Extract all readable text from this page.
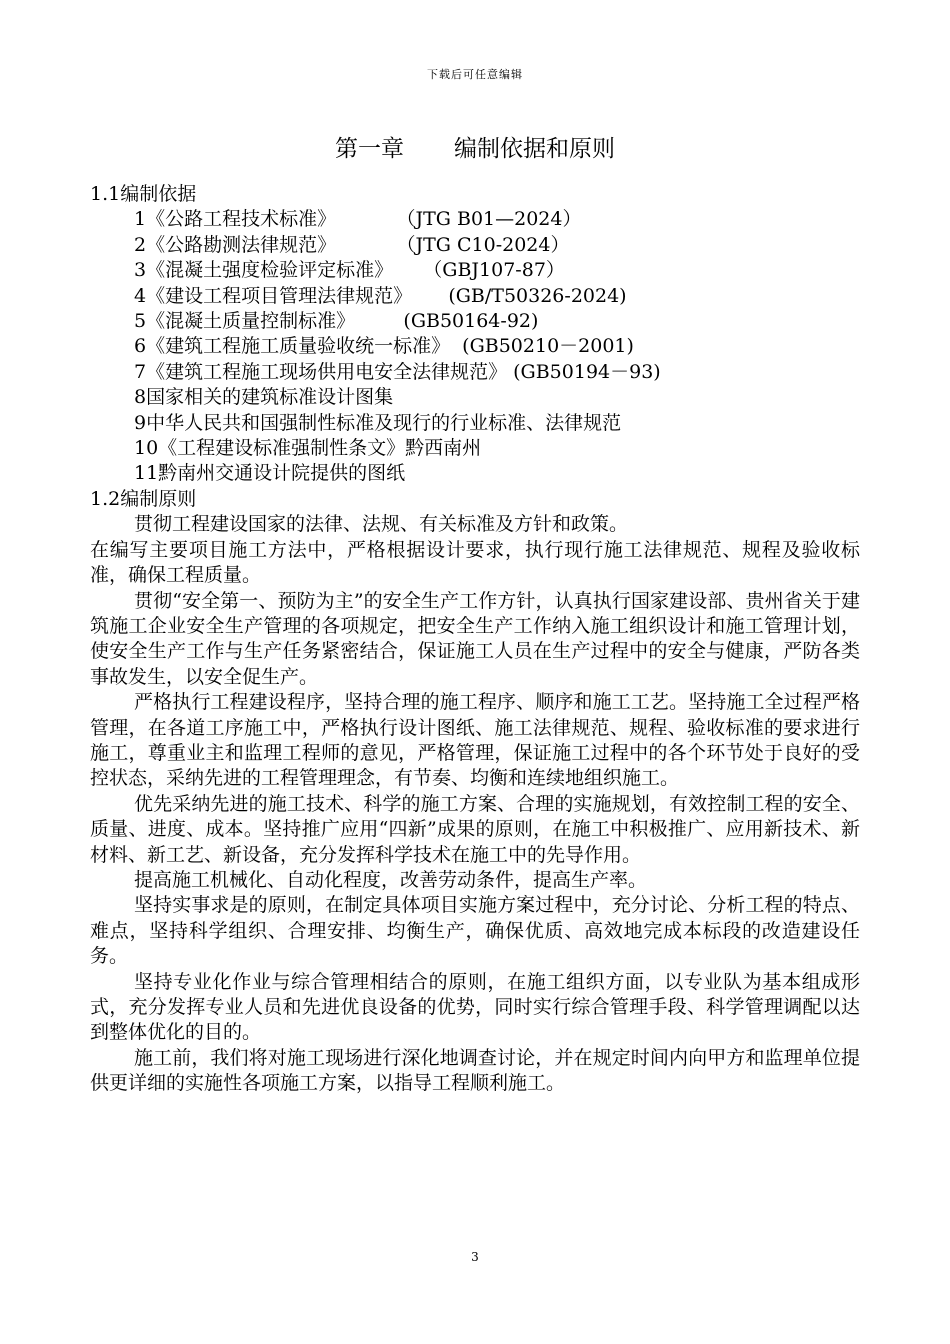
下载后可任意编辑
第一章 编制依据和原则

1.1编制依据

1《公路工程技术标准》          （JTG B01—2024）

2《公路勘测法律规范》          （JTG C10-2024）

3《混凝土强度检验评定标准》     （GBJ107-87）

4《建设工程项目管理法律规范》      (GB/T50326-2024)

5《混凝土质量控制标准》        (GB50164-92)

6《建筑工程施工质量验收统一标准》  (GB50210－2001)

7《建筑工程施工现场供用电安全法律规范》 (GB50194－93)

8国家相关的建筑标准设计图集

9中华人民共和国强制性标准及现行的行业标准、法律规范

10《工程建设标准强制性条文》黔西南州

11黔南州交通设计院提供的图纸

1.2编制原则

贯彻工程建设国家的法律、法规、有关标准及方针和政策。

在编写主要项目施工方法中，严格根据设计要求，执行现行施工法律规范、规程及验收标准，确保工程质量。

贯彻“安全第一、预防为主”的安全生产工作方针，认真执行国家建设部、贵州省关于建筑施工企业安全生产管理的各项规定，把安全生产工作纳入施工组织设计和施工管理计划，使安全生产工作与生产任务紧密结合，保证施工人员在生产过程中的安全与健康，严防各类事故发生，以安全促生产。

严格执行工程建设程序，坚持合理的施工程序、顺序和施工工艺。坚持施工全过程严格管理，在各道工序施工中，严格执行设计图纸、施工法律规范、规程、验收标准的要求进行施工，尊重业主和监理工程师的意见，严格管理，保证施工过程中的各个环节处于良好的受控状态，采纳先进的工程管理理念，有节奏、均衡和连续地组织施工。

优先采纳先进的施工技术、科学的施工方案、合理的实施规划，有效控制工程的安全、质量、进度、成本。坚持推广应用“四新”成果的原则，在施工中积极推广、应用新技术、新材料、新工艺、新设备，充分发挥科学技术在施工中的先导作用。

提高施工机械化、自动化程度，改善劳动条件，提高生产率。

坚持实事求是的原则，在制定具体项目实施方案过程中，充分讨论、分析工程的特点、难点，坚持科学组织、合理安排、均衡生产，确保优质、高效地完成本标段的改造建设任务。

坚持专业化作业与综合管理相结合的原则，在施工组织方面，以专业队为基本组成形式，充分发挥专业人员和先进优良设备的优势，同时实行综合管理手段、科学管理调配以达到整体优化的目的。

施工前，我们将对施工现场进行深化地调查讨论，并在规定时间内向甲方和监理单位提供更详细的实施性各项施工方案，以指导工程顺利施工。

3
